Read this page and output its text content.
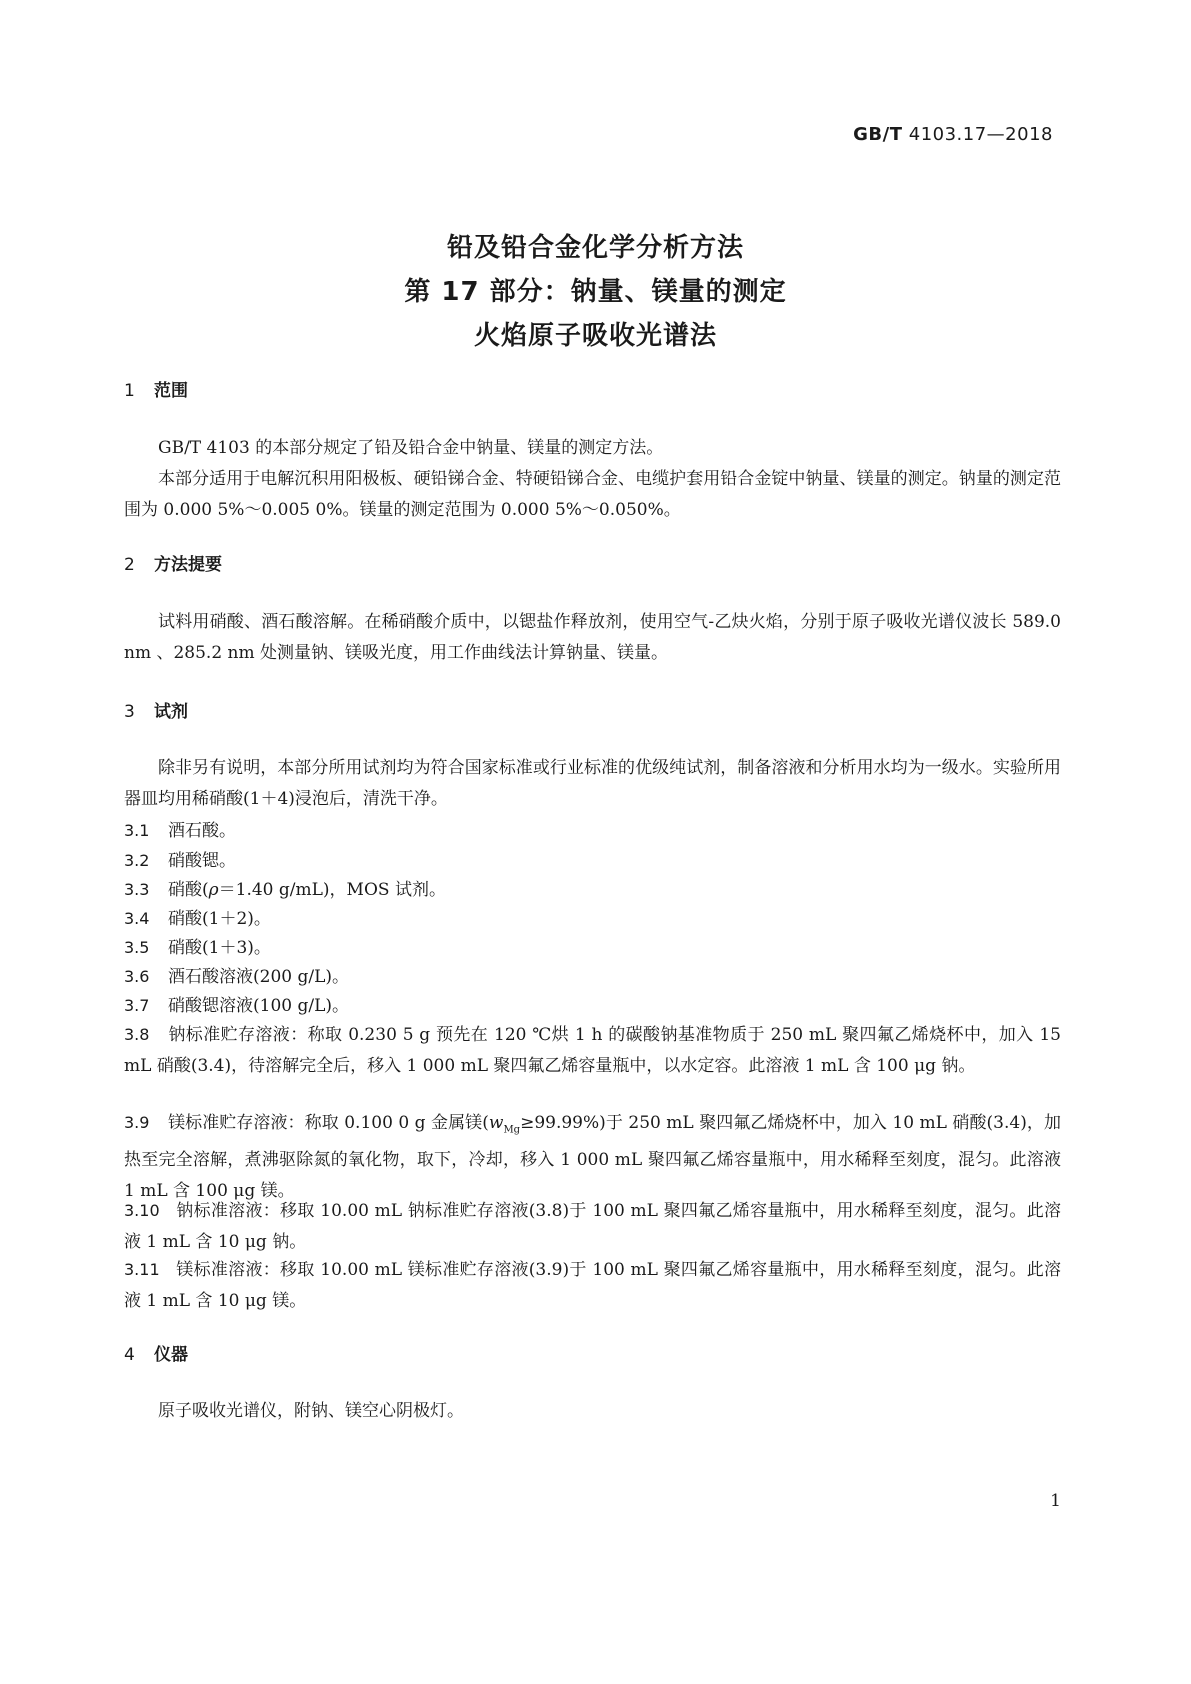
GB/T 4103.17—2018
铅及铅合金化学分析方法
第 17 部分：钠量、镁量的测定
火焰原子吸收光谱法
1 范围

GB/T 4103 的本部分规定了铅及铅合金中钠量、镁量的测定方法。

本部分适用于电解沉积用阳极板、硬铅锑合金、特硬铅锑合金、电缆护套用铅合金锭中钠量、镁量的测定。钠量的测定范围为 0.000 5%～0.005 0%。镁量的测定范围为 0.000 5%～0.050%。

2 方法提要

试料用硝酸、酒石酸溶解。在稀硝酸介质中，以锶盐作释放剂，使用空气-乙炔火焰，分别于原子吸收光谱仪波长 589.0 nm 、285.2 nm 处测量钠、镁吸光度，用工作曲线法计算钠量、镁量。

3 试剂

除非另有说明，本部分所用试剂均为符合国家标准或行业标准的优级纯试剂，制备溶液和分析用水均为一级水。实验所用器皿均用稀硝酸(1＋4)浸泡后，清洗干净。

3.1 酒石酸。
3.2 硝酸锶。
3.3 硝酸(ρ＝1.40 g/mL)，MOS 试剂。
3.4 硝酸(1＋2)。
3.5 硝酸(1＋3)。
3.6 酒石酸溶液(200 g/L)。
3.7 硝酸锶溶液(100 g/L)。
3.8 钠标准贮存溶液：称取 0.230 5 g 预先在 120 ℃烘 1 h 的碳酸钠基准物质于 250 mL 聚四氟乙烯烧杯中，加入 15 mL 硝酸(3.4)，待溶解完全后，移入 1 000 mL 聚四氟乙烯容量瓶中，以水定容。此溶液 1 mL 含 100 μg 钠。
3.9 镁标准贮存溶液：称取 0.100 0 g 金属镁$(w_{Mg}\ge 99.99\%)$于 250 mL 聚四氟乙烯烧杯中，加入 10 mL 硝酸(3.4)，加热至完全溶解，煮沸驱除氮的氧化物，取下，冷却，移入 1 000 mL 聚四氟乙烯容量瓶中，用水稀释至刻度，混匀。此溶液 1 mL 含 100 μg 镁。
3.10 钠标准溶液：移取 10.00 mL 钠标准贮存溶液(3.8)于 100 mL 聚四氟乙烯容量瓶中，用水稀释至刻度，混匀。此溶液 1 mL 含 10 μg 钠。
3.11 镁标准溶液：移取 10.00 mL 镁标准贮存溶液(3.9)于 100 mL 聚四氟乙烯容量瓶中，用水稀释至刻度，混匀。此溶液 1 mL 含 10 μg 镁。
4 仪器

原子吸收光谱仪，附钠、镁空心阴极灯。

1
